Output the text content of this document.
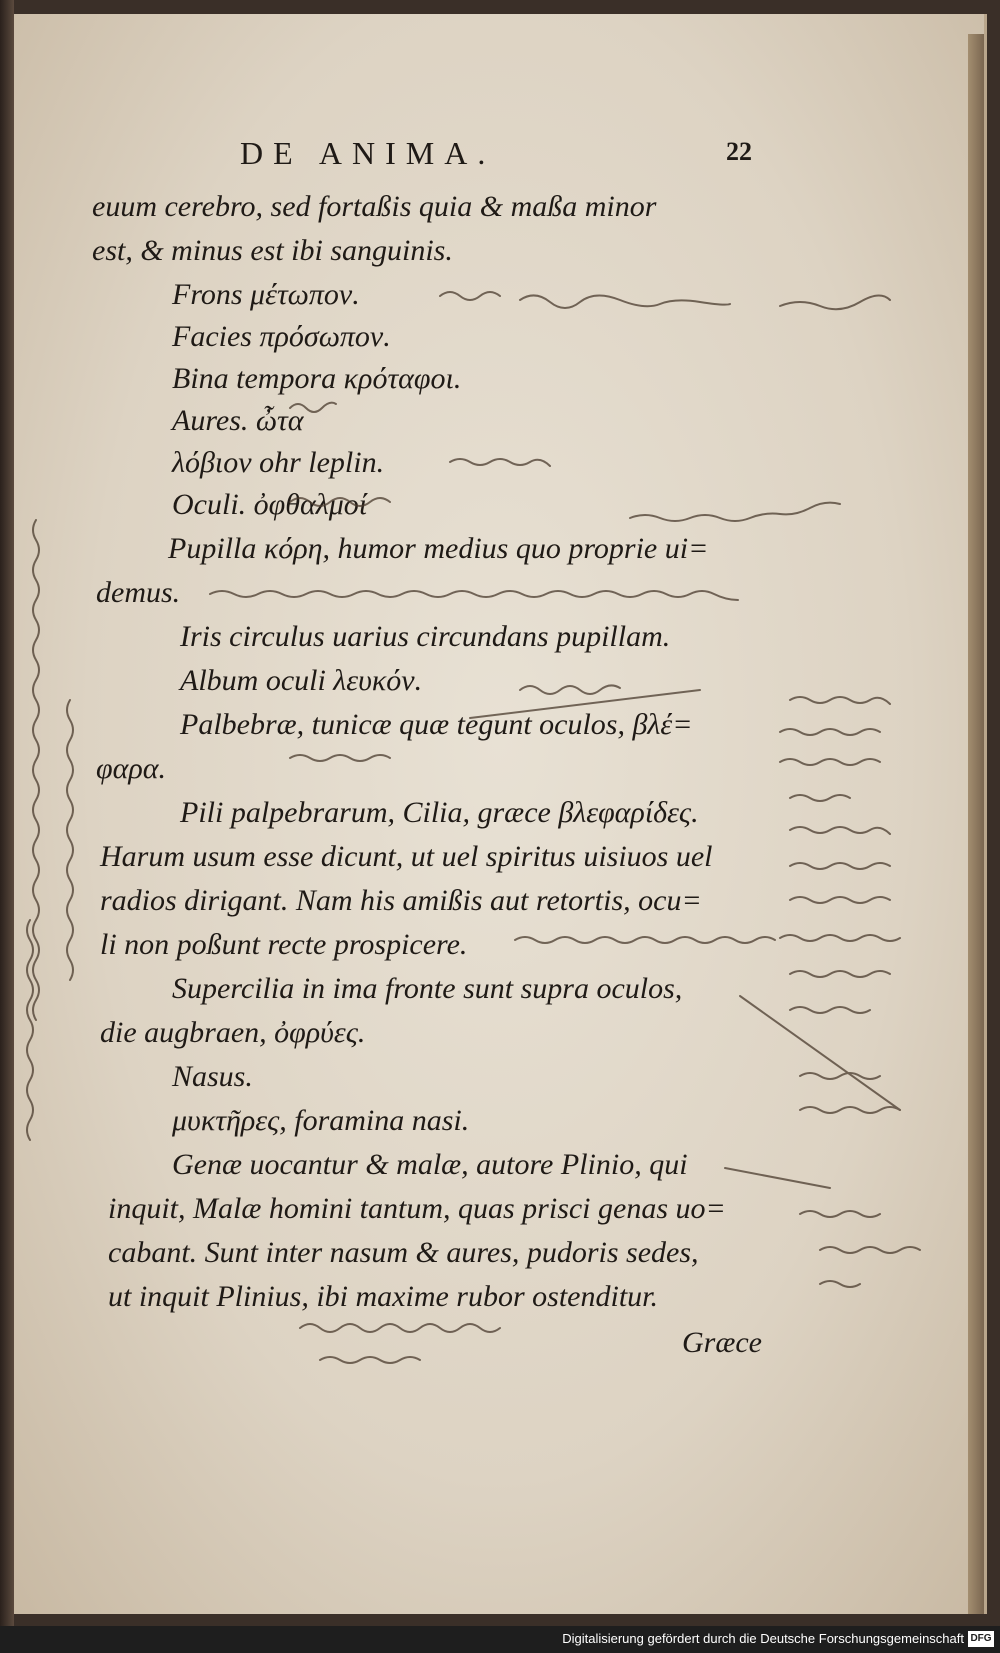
DE ANIMA.	22
euum cerebro, sed fortaßis quia & maßa minor
est, & minus est ibi sanguinis.
Frons μέτωπον.
Facies πρόσωπον.
Bina tempora κρόταφοι.
Aures. ὦτα
λόβιον ohr leplin.
Oculi. ὀφθαλμοί
Pupilla κόρη, humor medius quo proprie ui=
demus.
Iris circulus uarius circundans pupillam.
Album oculi λευκόν.
Palbebræ, tunicæ quæ tegunt oculos, βλέ=
φαρα.
Pili palpebrarum, Cilia, græce βλεφαρίδες.
Harum usum esse dicunt, ut uel spiritus uisiuos uel
radios dirigant. Nam his amißis aut retortis, ocu=
li non poßunt recte prospicere.
Supercilia in ima fronte sunt supra oculos,
die augbraen, ὀφρύες.
Nasus.
μυκτῆρες, foramina nasi.
Genæ uocantur & malæ, autore Plinio, qui
inquit, Malæ homini tantum, quas prisci genas uo=
cabant. Sunt inter nasum & aures, pudoris sedes,
ut inquit Plinius, ibi maxime rubor ostenditur.
Græce
Digitalisierung gefördert durch die Deutsche Forschungsgemeinschaft DFG
